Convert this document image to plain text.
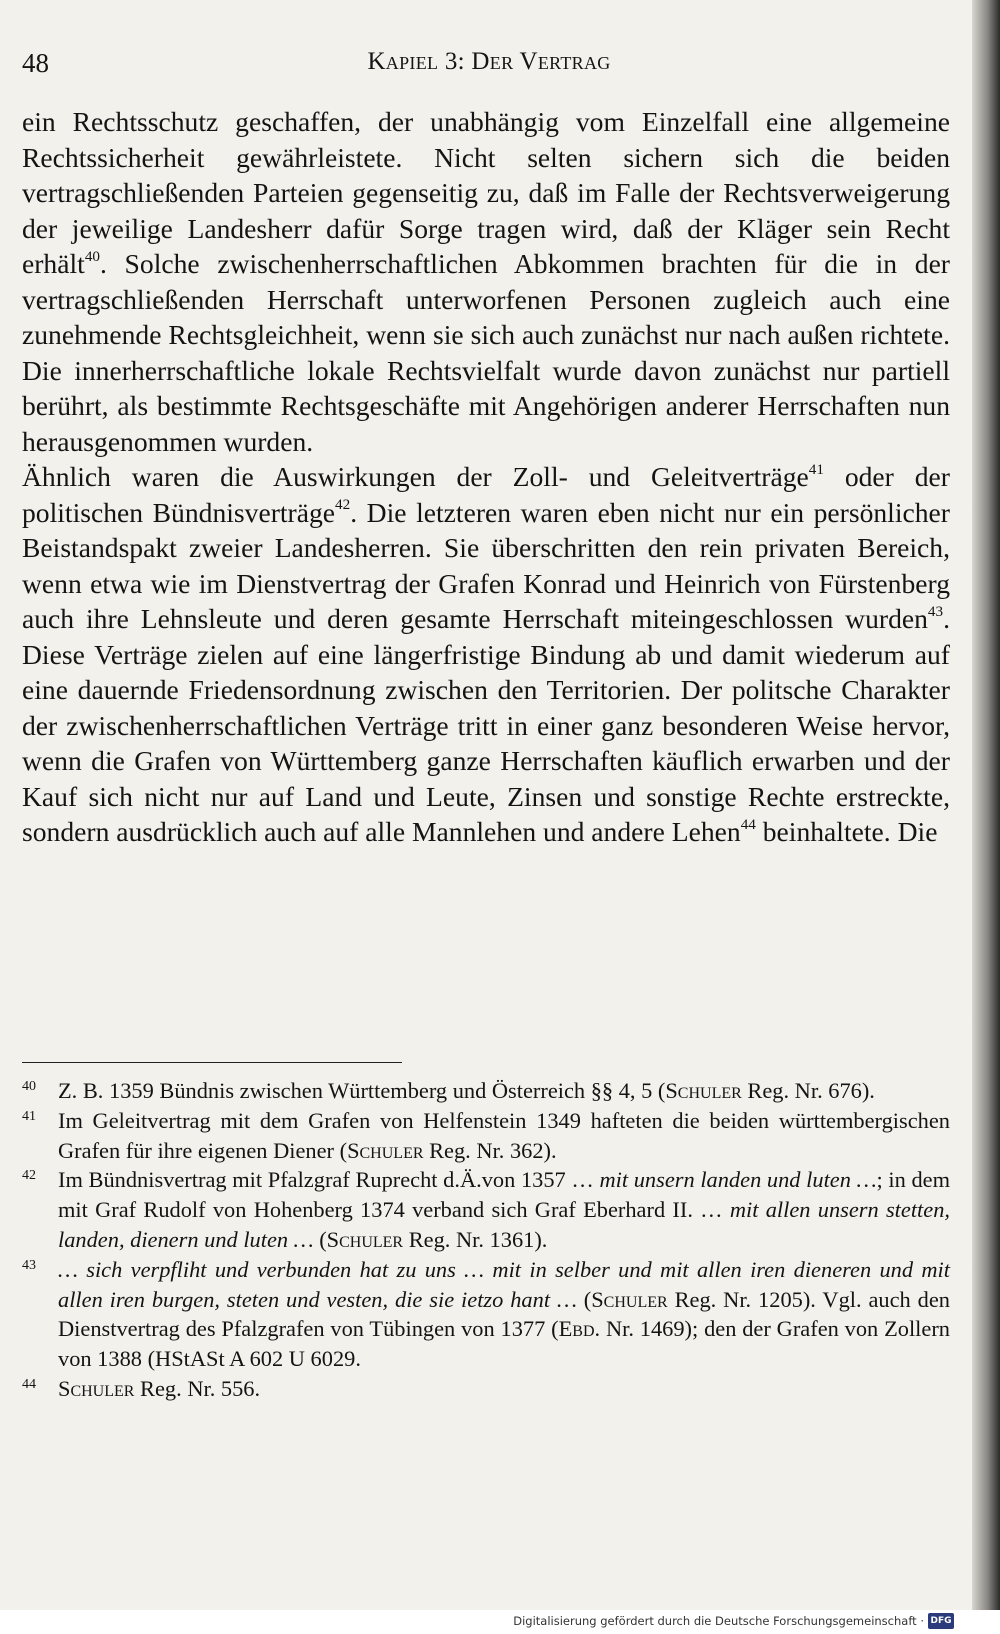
48	Kapiel 3: Der Vertrag

ein Rechtsschutz geschaffen, der unabhängig vom Einzelfall eine allgemeine Rechtssicherheit gewährleistete. Nicht selten sichern sich die beiden vertragschließenden Parteien gegenseitig zu, daß im Falle der Rechtsverweigerung der jeweilige Landesherr dafür Sorge tragen wird, daß der Kläger sein Recht erhält$^{40}$. Solche zwischenherrschaftlichen Abkommen brachten für die in der vertragschließenden Herrschaft unterworfenen Personen zugleich auch eine zunehmende Rechtsgleichheit, wenn sie sich auch zunächst nur nach außen richtete. Die innerherrschaftliche lokale Rechtsvielfalt wurde davon zunächst nur partiell berührt, als bestimmte Rechtsgeschäfte mit Angehörigen anderer Herrschaften nun herausgenommen wurden.

Ähnlich waren die Auswirkungen der Zoll- und Geleitverträge$^{41}$ oder der politischen Bündnisverträge$^{42}$. Die letzteren waren eben nicht nur ein persönlicher Beistandspakt zweier Landesherren. Sie überschritten den rein privaten Bereich, wenn etwa wie im Dienstvertrag der Grafen Konrad und Heinrich von Fürstenberg auch ihre Lehnsleute und deren gesamte Herrschaft miteingeschlossen wurden$^{43}$. Diese Verträge zielen auf eine längerfristige Bindung ab und damit wiederum auf eine dauernde Friedensordnung zwischen den Territorien. Der politsche Charakter der zwischenherrschaftlichen Verträge tritt in einer ganz besonderen Weise hervor, wenn die Grafen von Württemberg ganze Herrschaften käuflich erwarben und der Kauf sich nicht nur auf Land und Leute, Zinsen und sonstige Rechte erstreckte, sondern ausdrücklich auch auf alle Mannlehen und andere Lehen$^{44}$ beinhaltete. Die

40 Z. B. 1359 Bündnis zwischen Württemberg und Österreich §§ 4, 5 (Schuler Reg. Nr. 676).

41 Im Geleitvertrag mit dem Grafen von Helfenstein 1349 hafteten die beiden württembergischen Grafen für ihre eigenen Diener (Schuler Reg. Nr. 362).

42 Im Bündnisvertrag mit Pfalzgraf Ruprecht d.Ä.von 1357 … mit unsern landen und luten …; in dem mit Graf Rudolf von Hohenberg 1374 verband sich Graf Eberhard II. … mit allen unsern stetten, landen, dienern und luten … (Schuler Reg. Nr. 1361).

43 … sich verpfliht und verbunden hat zu uns … mit in selber und mit allen iren dieneren und mit allen iren burgen, steten und vesten, die sie ietzo hant … (Schuler Reg. Nr. 1205). Vgl. auch den Dienstvertrag des Pfalzgrafen von Tübingen von 1377 (Ebd. Nr. 1469); den der Grafen von Zollern von 1388 (HStASt A 602 U 6029.

44 Schuler Reg. Nr. 556.

Digitalisierung gefördert durch die Deutsche Forschungsgemeinschaft · DFG
